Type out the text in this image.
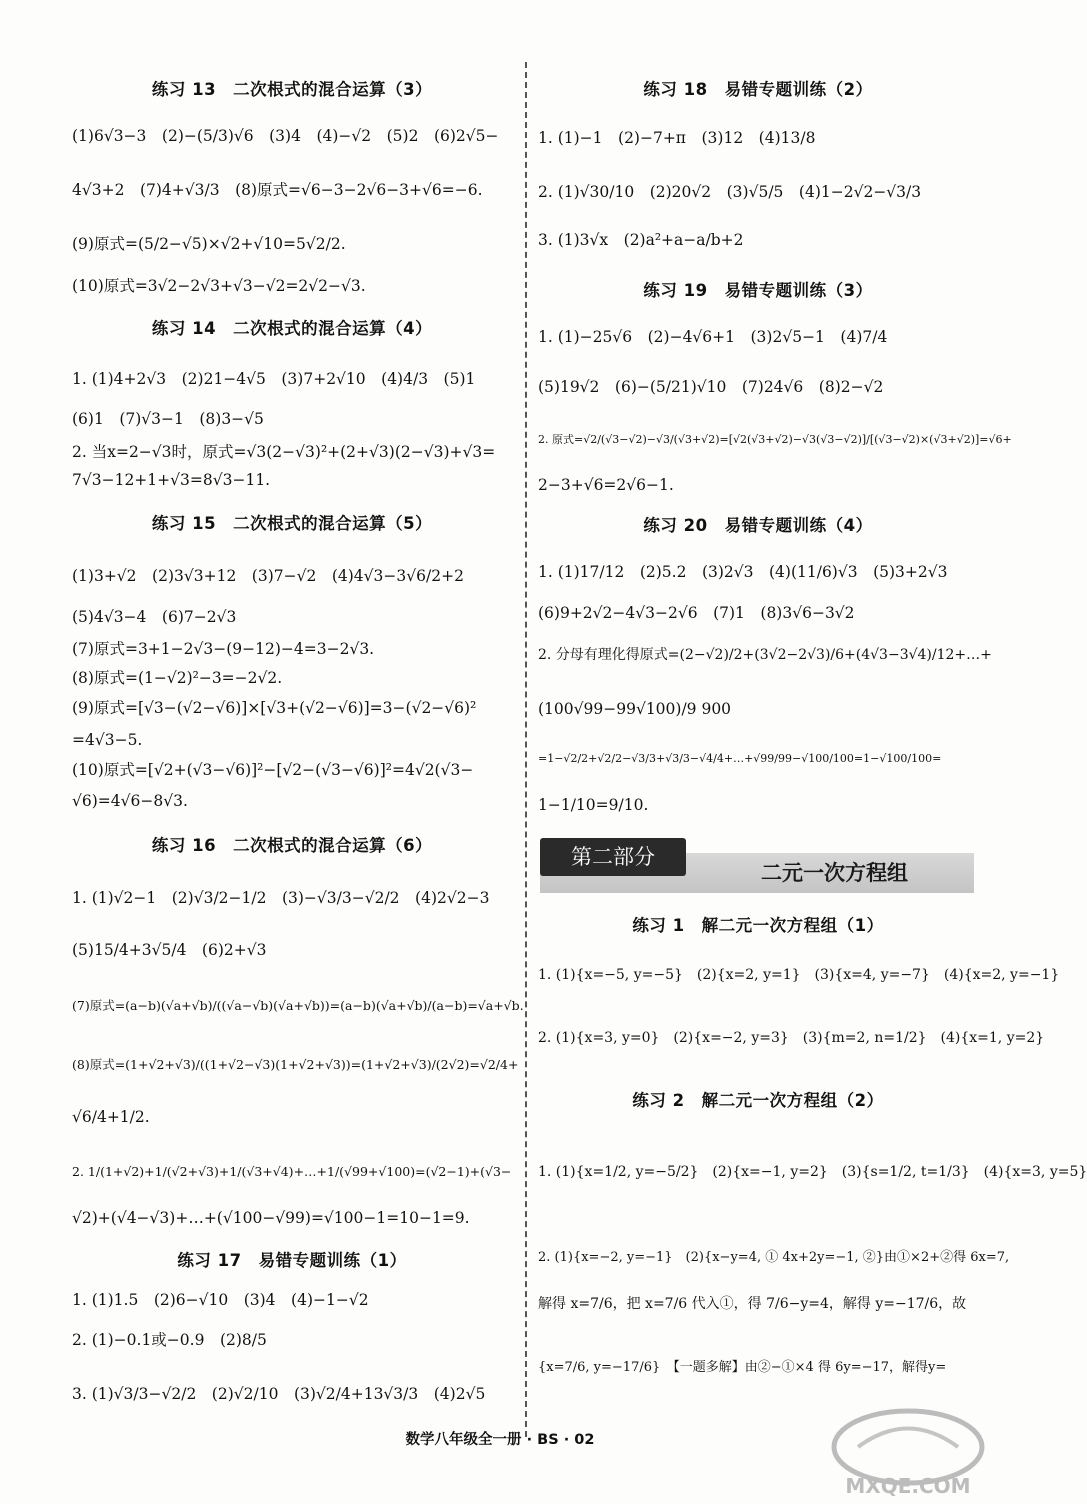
练习 13　二次根式的混合运算（3）
(1)6√3−3　(2)−(5/3)√6　(3)4　(4)−√2　(5)2　(6)2√5−
4√3+2　(7)4+√3/3　(8)原式=√6−3−2√6−3+√6=−6.
(9)原式=(5/2−√5)×√2+√10=5√2/2.
(10)原式=3√2−2√3+√3−√2=2√2−√3.
练习 14　二次根式的混合运算（4）
1. (1)4+2√3　(2)21−4√5　(3)7+2√10　(4)4/3　(5)1
(6)1　(7)√3−1　(8)3−√5
2. 当x=2−√3时，原式=√3(2−√3)²+(2+√3)(2−√3)+√3=
7√3−12+1+√3=8√3−11.
练习 15　二次根式的混合运算（5）
(1)3+√2　(2)3√3+12　(3)7−√2　(4)4√3−3√6/2+2
(5)4√3−4　(6)7−2√3
(7)原式=3+1−2√3−(9−12)−4=3−2√3.
(8)原式=(1−√2)²−3=−2√2.
(9)原式=[√3−(√2−√6)]×[√3+(√2−√6)]=3−(√2−√6)²
=4√3−5.
(10)原式=[√2+(√3−√6)]²−[√2−(√3−√6)]²=4√2(√3−
√6)=4√6−8√3.
练习 16　二次根式的混合运算（6）
1. (1)√2−1　(2)√3/2−1/2　(3)−√3/3−√2/2　(4)2√2−3
(5)15/4+3√5/4　(6)2+√3
(7)原式=(a−b)(√a+√b)/((√a−√b)(√a+√b))=(a−b)(√a+√b)/(a−b)=√a+√b.
(8)原式=(1+√2+√3)/((1+√2−√3)(1+√2+√3))=(1+√2+√3)/(2√2)=√2/4+
√6/4+1/2.
2. 1/(1+√2)+1/(√2+√3)+1/(√3+√4)+…+1/(√99+√100)=(√2−1)+(√3−
√2)+(√4−√3)+…+(√100−√99)=√100−1=10−1=9.
练习 17　易错专题训练（1）
1. (1)1.5　(2)6−√10　(3)4　(4)−1−√2
2. (1)−0.1或−0.9　(2)8/5
3. (1)√3/3−√2/2　(2)√2/10　(3)√2/4+13√3/3　(4)2√5
练习 18　易错专题训练（2）
1. (1)−1　(2)−7+π　(3)12　(4)13/8
2. (1)√30/10　(2)20√2　(3)√5/5　(4)1−2√2−√3/3
3. (1)3√x　(2)a²+a−a/b+2
练习 19　易错专题训练（3）
1. (1)−25√6　(2)−4√6+1　(3)2√5−1　(4)7/4
(5)19√2　(6)−(5/21)√10　(7)24√6　(8)2−√2
2. 原式=√2/(√3−√2)−√3/(√3+√2)=[√2(√3+√2)−√3(√3−√2)]/[(√3−√2)×(√3+√2)]=√6+
2−3+√6=2√6−1.
练习 20　易错专题训练（4）
1. (1)17/12　(2)5.2　(3)2√3　(4)(11/6)√3　(5)3+2√3
(6)9+2√2−4√3−2√6　(7)1　(8)3√6−3√2
2. 分母有理化得原式=(2−√2)/2+(3√2−2√3)/6+(4√3−3√4)/12+…+
(100√99−99√100)/9 900
=1−√2/2+√2/2−√3/3+√3/3−√4/4+…+√99/99−√100/100=1−√100/100=
1−1/10=9/10.
第二部分
二元一次方程组
练习 1　解二元一次方程组（1）
1. (1){x=−5, y=−5}　(2){x=2, y=1}　(3){x=4, y=−7}　(4){x=2, y=−1}
2. (1){x=3, y=0}　(2){x=−2, y=3}　(3){m=2, n=1/2}　(4){x=1, y=2}
练习 2　解二元一次方程组（2）
1. (1){x=1/2, y=−5/2}　(2){x=−1, y=2}　(3){s=1/2, t=1/3}　(4){x=3, y=5}
2. (1){x=−2, y=−1}　(2){x−y=4, ① 4x+2y=−1, ②}由①×2+②得 6x=7,
解得 x=7/6，把 x=7/6 代入①，得 7/6−y=4，解得 y=−17/6，故
{x=7/6, y=−17/6}　【一题多解】由②−①×4 得 6y=−17，解得y=
数学八年级全一册 · BS · 02
MXQE.COM
